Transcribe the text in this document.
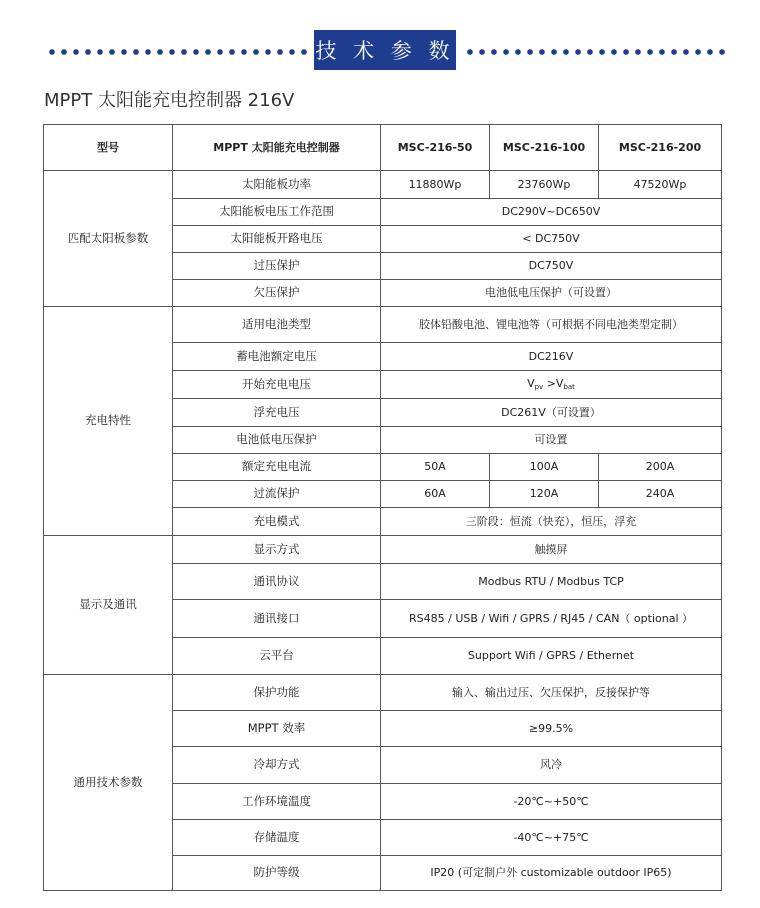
技 术 参 数
MPPT 太阳能充电控制器 216V
型号	MPPT 太阳能充电控制器	MSC-216-50	MSC-216-100	MSC-216-200
匹配太阳板参数	太阳能板功率	11880Wp	23760Wp	47520Wp
	太阳能板电压工作范围	DC290V~DC650V		
	太阳能板开路电压	< DC750V		
	过压保护	DC750V		
	欠压保护	电池低电压保护（可设置）		
充电特性	适用电池类型	胶体铅酸电池、锂电池等（可根据不同电池类型定制）		
	蓄电池额定电压	DC216V		
	开始充电电压	$V_{pv} >V_{bat}$
	浮充电压	DC261V（可设置）		
	电池低电压保护	可设置		
	额定充电电流	50A	100A	200A
	过流保护	60A	120A	240A
	充电模式	三阶段：恒流（快充），恒压，浮充		
显示及通讯	显示方式	触摸屏		
	通讯协议	Modbus RTU / Modbus TCP		
	通讯接口	RS485 / USB / Wifi / GPRS / RJ45 / CAN（ optional ）		
	云平台	Support Wifi / GPRS / Ethernet		
通用技术参数	保护功能	输入、输出过压、欠压保护，反接保护等		
	MPPT 效率	≥99.5%		
	冷却方式	风冷		
	工作环境温度	-20℃~+50℃		
	存储温度	-40℃~+75℃		
	防护等级	IP20 (可定制户外 customizable outdoor IP65)		
